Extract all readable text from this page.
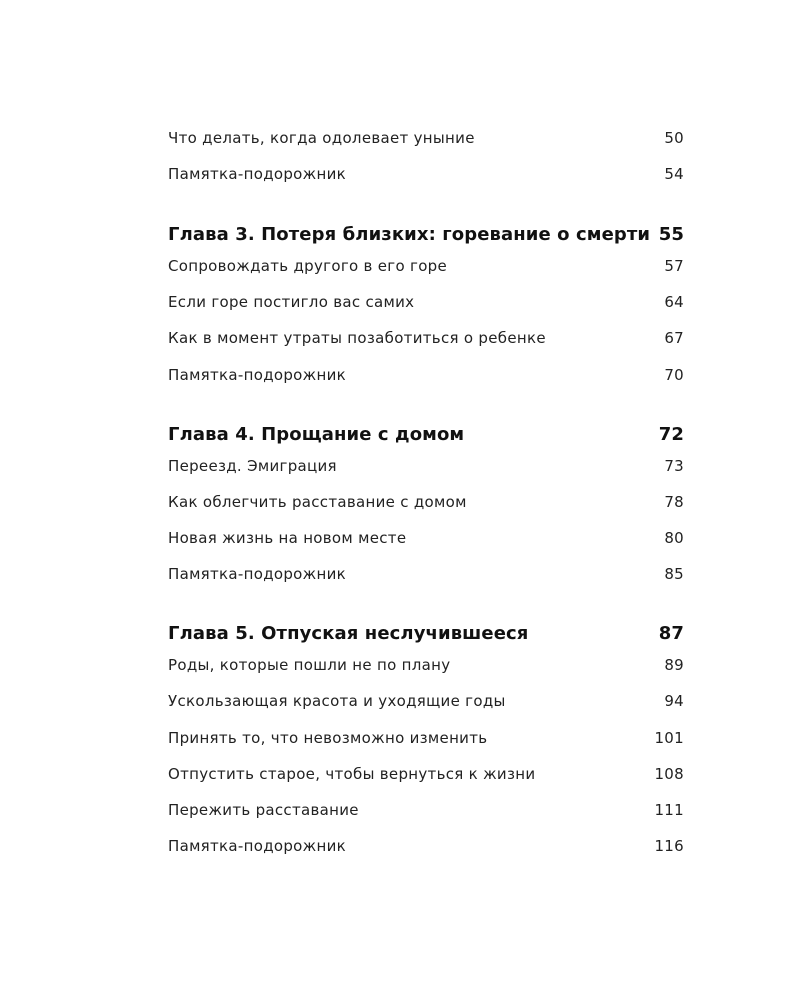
Что делать, когда одолевает уныние	50
Памятка-подорожник	54
Глава 3. Потеря близких: горевание о смерти 55
Сопровождать другого в его горе	57
Если горе постигло вас самих	64
Как в момент утраты позаботиться о ребенке	67
Памятка-подорожник	70
Глава 4. Прощание с домом	72
Переезд. Эмиграция	73
Как облегчить расставание с домом	78
Новая жизнь на новом месте	80
Памятка-подорожник	85
Глава 5. Отпуская неслучившееся	87
Роды, которые пошли не по плану	89
Ускользающая красота и уходящие годы	94
Принять то, что невозможно изменить	101
Отпустить старое, чтобы вернуться к жизни	108
Пережить расставание	111
Памятка-подорожник	116
